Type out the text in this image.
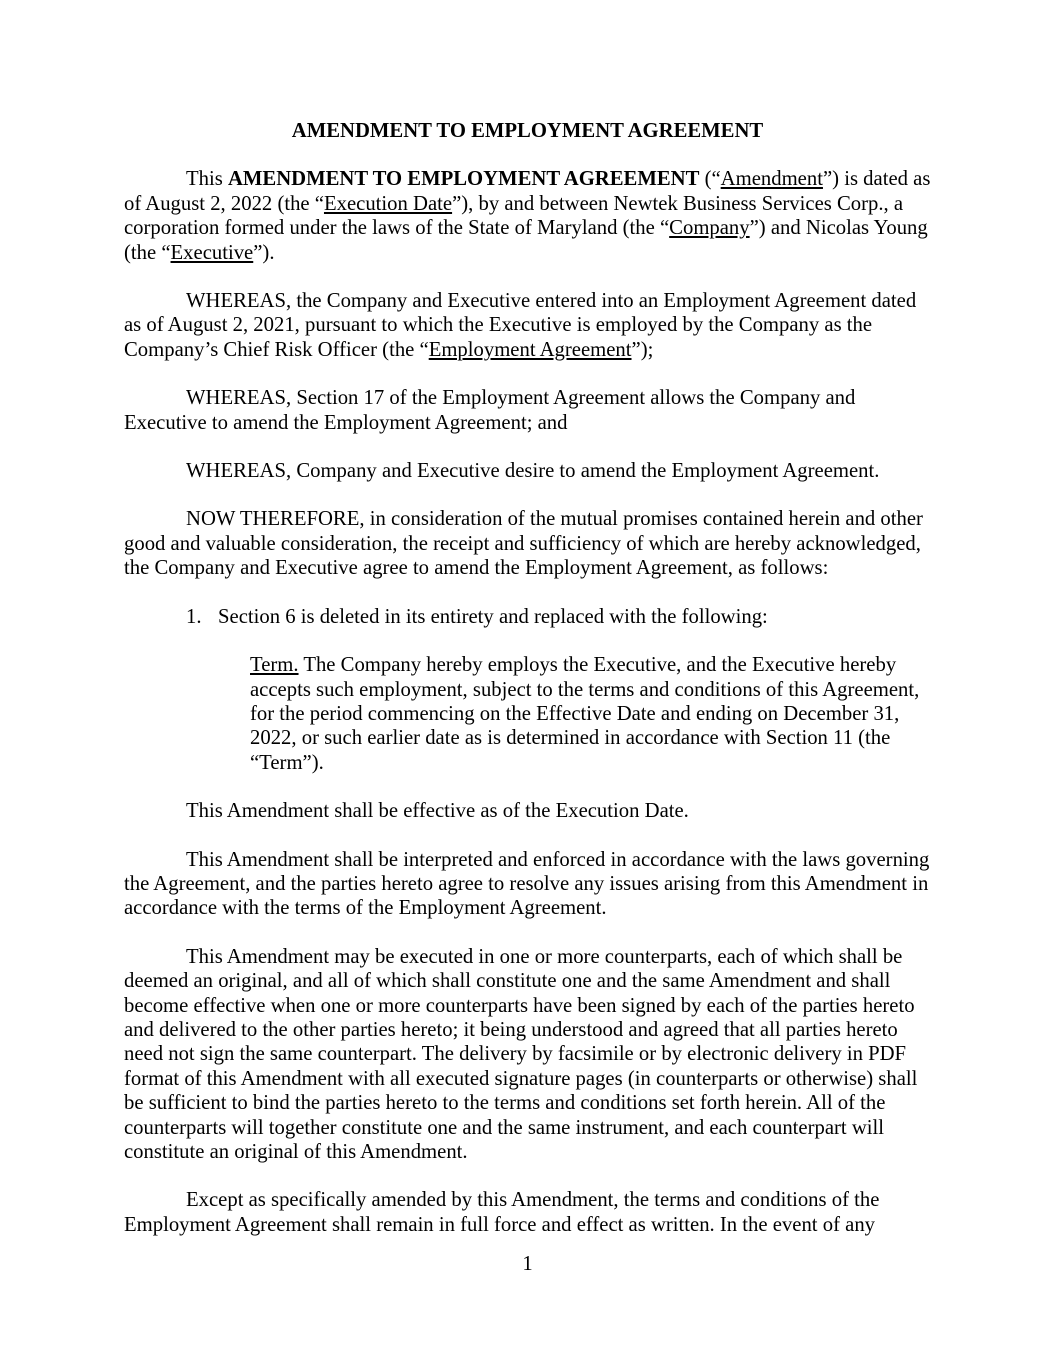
AMENDMENT TO EMPLOYMENT AGREEMENT

This AMENDMENT TO EMPLOYMENT AGREEMENT (“Amendment”) is dated as of August 2, 2022 (the “Execution Date”), by and between Newtek Business Services Corp., a corporation formed under the laws of the State of Maryland (the “Company”) and Nicolas Young (the “Executive”).

WHEREAS, the Company and Executive entered into an Employment Agreement dated as of August 2, 2021, pursuant to which the Executive is employed by the Company as the Company’s Chief Risk Officer (the “Employment Agreement”);

WHEREAS, Section 17 of the Employment Agreement allows the Company and Executive to amend the Employment Agreement; and

WHEREAS, Company and Executive desire to amend the Employment Agreement.

NOW THEREFORE, in consideration of the mutual promises contained herein and other good and valuable consideration, the receipt and sufficiency of which are hereby acknowledged, the Company and Executive agree to amend the Employment Agreement, as follows:

1. Section 6 is deleted in its entirety and replaced with the following:

Term. The Company hereby employs the Executive, and the Executive hereby accepts such employment, subject to the terms and conditions of this Agreement, for the period commencing on the Effective Date and ending on December 31, 2022, or such earlier date as is determined in accordance with Section 11 (the “Term”).

This Amendment shall be effective as of the Execution Date.

This Amendment shall be interpreted and enforced in accordance with the laws governing the Agreement, and the parties hereto agree to resolve any issues arising from this Amendment in accordance with the terms of the Employment Agreement.

This Amendment may be executed in one or more counterparts, each of which shall be deemed an original, and all of which shall constitute one and the same Amendment and shall become effective when one or more counterparts have been signed by each of the parties hereto and delivered to the other parties hereto; it being understood and agreed that all parties hereto need not sign the same counterpart. The delivery by facsimile or by electronic delivery in PDF format of this Amendment with all executed signature pages (in counterparts or otherwise) shall be sufficient to bind the parties hereto to the terms and conditions set forth herein. All of the counterparts will together constitute one and the same instrument, and each counterpart will constitute an original of this Amendment.

Except as specifically amended by this Amendment, the terms and conditions of the Employment Agreement shall remain in full force and effect as written. In the event of any

1
